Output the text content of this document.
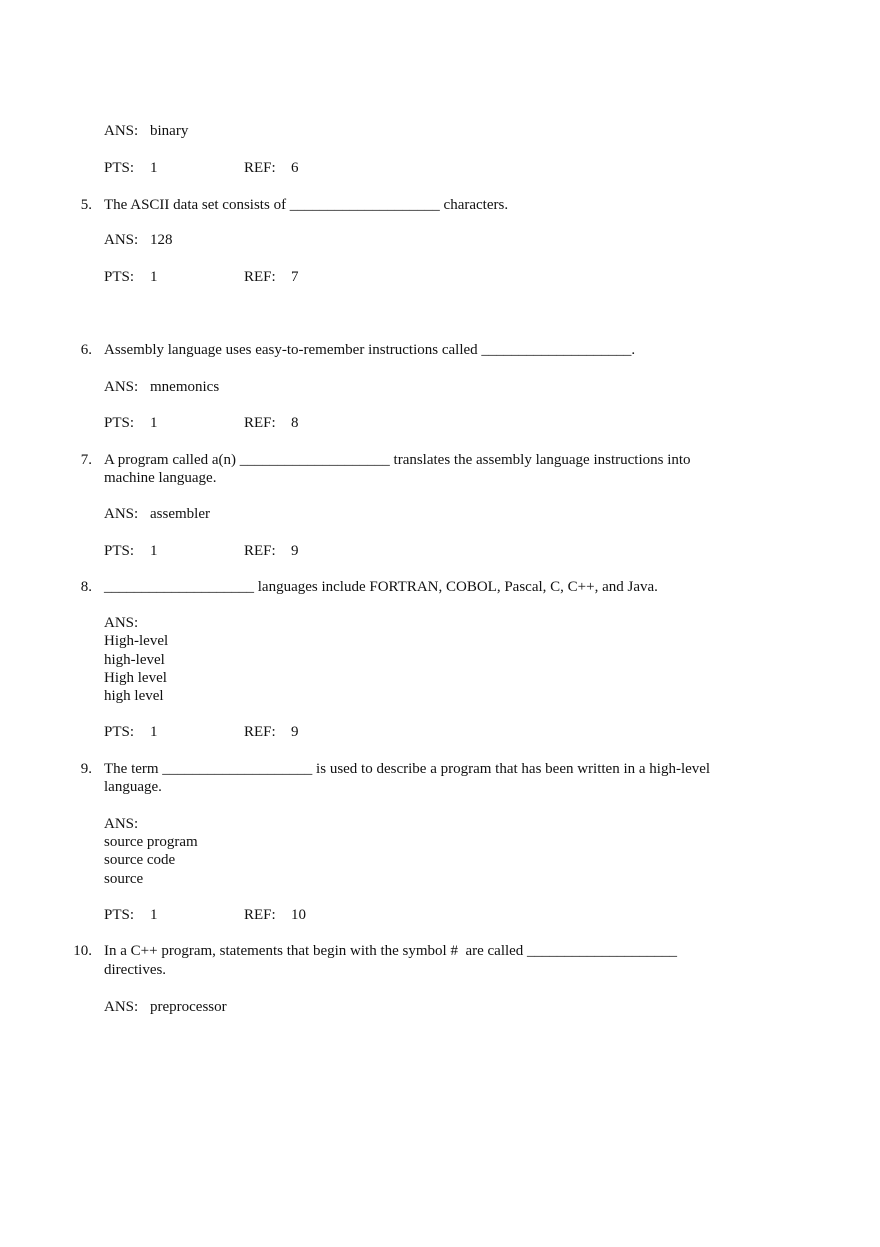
ANS: binary
PTS: 1	REF: 6
5. The ASCII data set consists of ____________________ characters.
ANS: 128
PTS: 1	REF: 7
6. Assembly language uses easy-to-remember instructions called ____________________.
ANS: mnemonics
PTS: 1	REF: 8
7. A program called a(n) ____________________ translates the assembly language instructions into
machine language.
ANS: assembler
PTS: 1	REF: 9
8. ____________________ languages include FORTRAN, COBOL, Pascal, C, C++, and Java.
ANS:
High-level
high-level
High level
high level
PTS: 1	REF: 9
9. The term ____________________ is used to describe a program that has been written in a high-level
language.
ANS:
source program
source code
source
PTS: 1	REF: 10
10. In a C++ program, statements that begin with the symbol #  are called ____________________
directives.
ANS: preprocessor
